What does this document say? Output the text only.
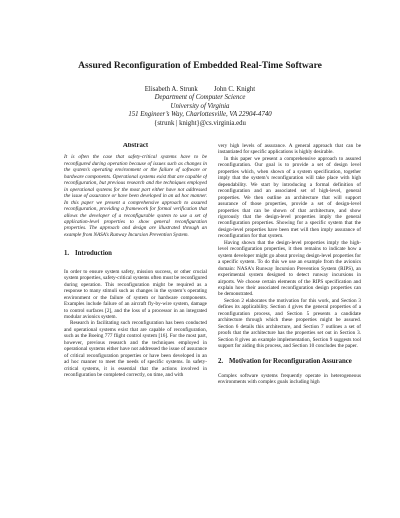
Assured Reconfiguration of Embedded Real-Time Software
Elisabeth A. Strunk John C. Knight
Department of Computer Science
University of Virginia
151 Engineer’s Way, Charlottesville, VA 22904-4740
{strunk | knight}@cs.virginia.edu
Abstract

It is often the case that safety-critical systems have to be reconfigured during operation because of issues such as changes in the system’s operating environment or the failure of software or hardware components. Operational systems exist that are capable of reconfiguration, but previous research and the techniques employed in operational systems for the most part either have not addressed the issue of assurance or have been developed in an ad hoc manner. In this paper we present a comprehensive approach to assured reconfiguration, providing a framework for formal verification that allows the developer of a reconfigurable system to use a set of application-level properties to show general reconfiguration properties. The approach and design are illustrated through an example from NASA’s Runway Incursion Prevention System.

1. Introduction

In order to ensure system safety, mission success, or other crucial system properties, safety-critical systems often must be reconfigured during operation. This reconfiguration might be required as a response to many stimuli such as changes in the system’s operating environment or the failure of system or hardware components. Examples include failure of an aircraft fly-by-wire system, damage to control surfaces [2], and the loss of a processor in an integrated modular avionics system.

Research in facilitating such reconfiguration has been conducted and operational systems exist that are capable of reconfiguration, such as the Boeing 777 flight control system [16]. For the most part, however, previous research and the techniques employed in operational systems either have not addressed the issue of assurance of critical reconfiguration properties or have been developed in an ad hoc manner to meet the needs of specific systems. In safety-critical systems, it is essential that the actions involved in reconfiguration be completed correctly, on time, and with

very high levels of assurance. A general approach that can be instantiated for specific applications is highly desirable.

In this paper we present a comprehensive approach to assured reconfiguration. Our goal is to provide a set of design level properties which, when shown of a system specification, together imply that the system’s reconfiguration will take place with high dependability. We start by introducing a formal definition of reconfiguration and an associated set of high-level, general properties. We then outline an architecture that will support assurance of those properties, provide a set of design-level properties that can be shown of that architecture, and show rigorously that the design-level properties imply the general reconfiguration properties. Showing for a specific system that the design-level properties have been met will then imply assurance of reconfiguration for that system.

Having shown that the design-level properties imply the high-level reconfiguration properties, it then remains to indicate how a system developer might go about proving design-level properties for a specific system. To do this we use an example from the avionics domain: NASA’s Runway Incursion Prevention System (RIPS), an experimental system designed to detect runway incursions in airports. We choose certain elements of the RIPS specification and explain how their associated reconfiguration design properties can be demonstrated.

Section 2 elaborates the motivation for this work, and Section 3 defines its applicability. Section 4 gives the general properties of a reconfiguration process, and Section 5 presents a candidate architecture through which these properties might be assured. Section 6 details this architecture, and Section 7 outlines a set of proofs that the architecture has the properties set out in Section 3. Section 8 gives an example implementation, Section 9 suggests tool support for aiding this process, and Section 10 concludes the paper.

2. Motivation for Reconfiguration Assurance

Complex software systems frequently operate in heterogeneous environments with complex goals including high
